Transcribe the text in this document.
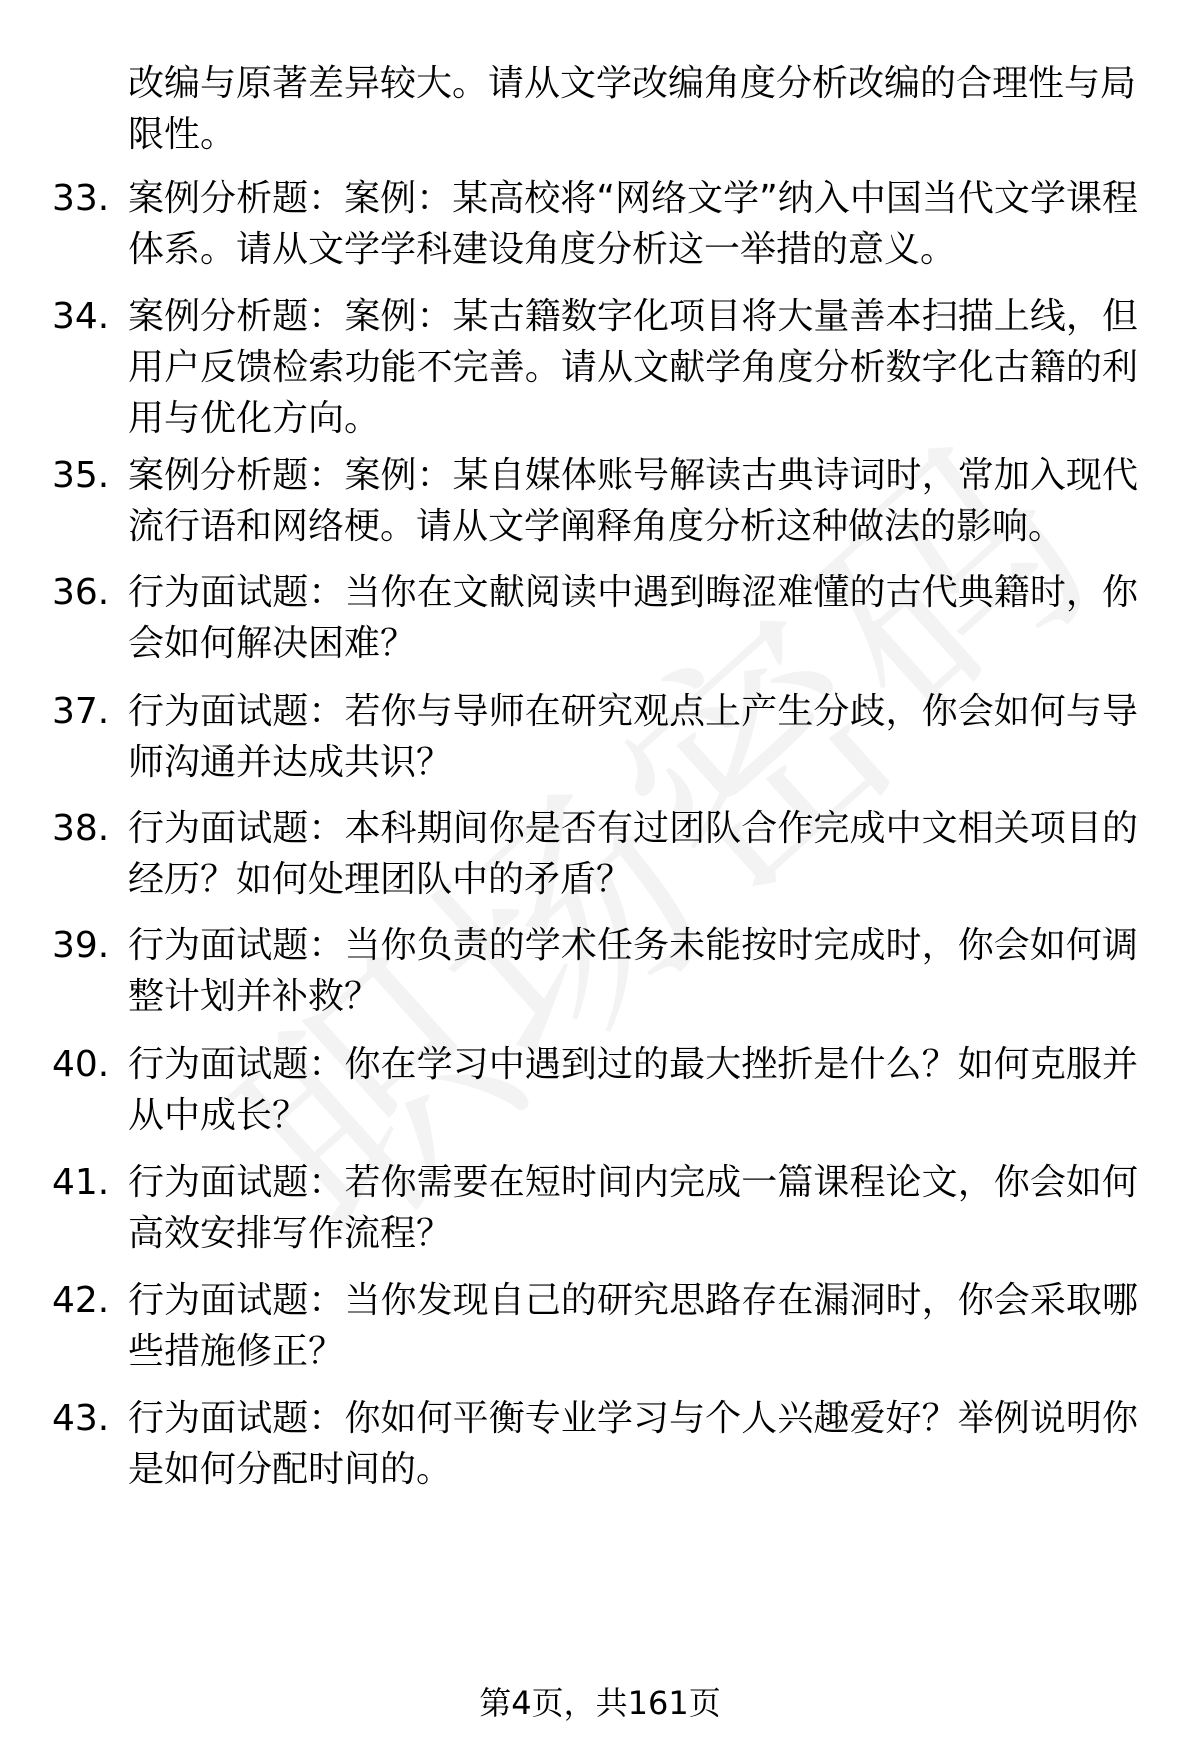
改编与原著差异较大。请从文学改编角度分析改编的合理性与局限性。

33. 案例分析题：案例：某高校将“网络文学”纳入中国当代文学课程体系。请从文学学科建设角度分析这一举措的意义。
34. 案例分析题：案例：某古籍数字化项目将大量善本扫描上线，但用户反馈检索功能不完善。请从文献学角度分析数字化古籍的利用与优化方向。
35. 案例分析题：案例：某自媒体账号解读古典诗词时，常加入现代流行语和网络梗。请从文学阐释角度分析这种做法的影响。
36. 行为面试题：当你在文献阅读中遇到晦涩难懂的古代典籍时，你会如何解决困难？
37. 行为面试题：若你与导师在研究观点上产生分歧，你会如何与导师沟通并达成共识？
38. 行为面试题：本科期间你是否有过团队合作完成中文相关项目的经历？如何处理团队中的矛盾？
39. 行为面试题：当你负责的学术任务未能按时完成时，你会如何调整计划并补救？
40. 行为面试题：你在学习中遇到过的最大挫折是什么？如何克服并从中成长？
41. 行为面试题：若你需要在短时间内完成一篇课程论文，你会如何高效安排写作流程？
42. 行为面试题：当你发现自己的研究思路存在漏洞时，你会采取哪些措施修正？
43. 行为面试题：你如何平衡专业学习与个人兴趣爱好？举例说明你是如何分配时间的。
第4页，共161页
